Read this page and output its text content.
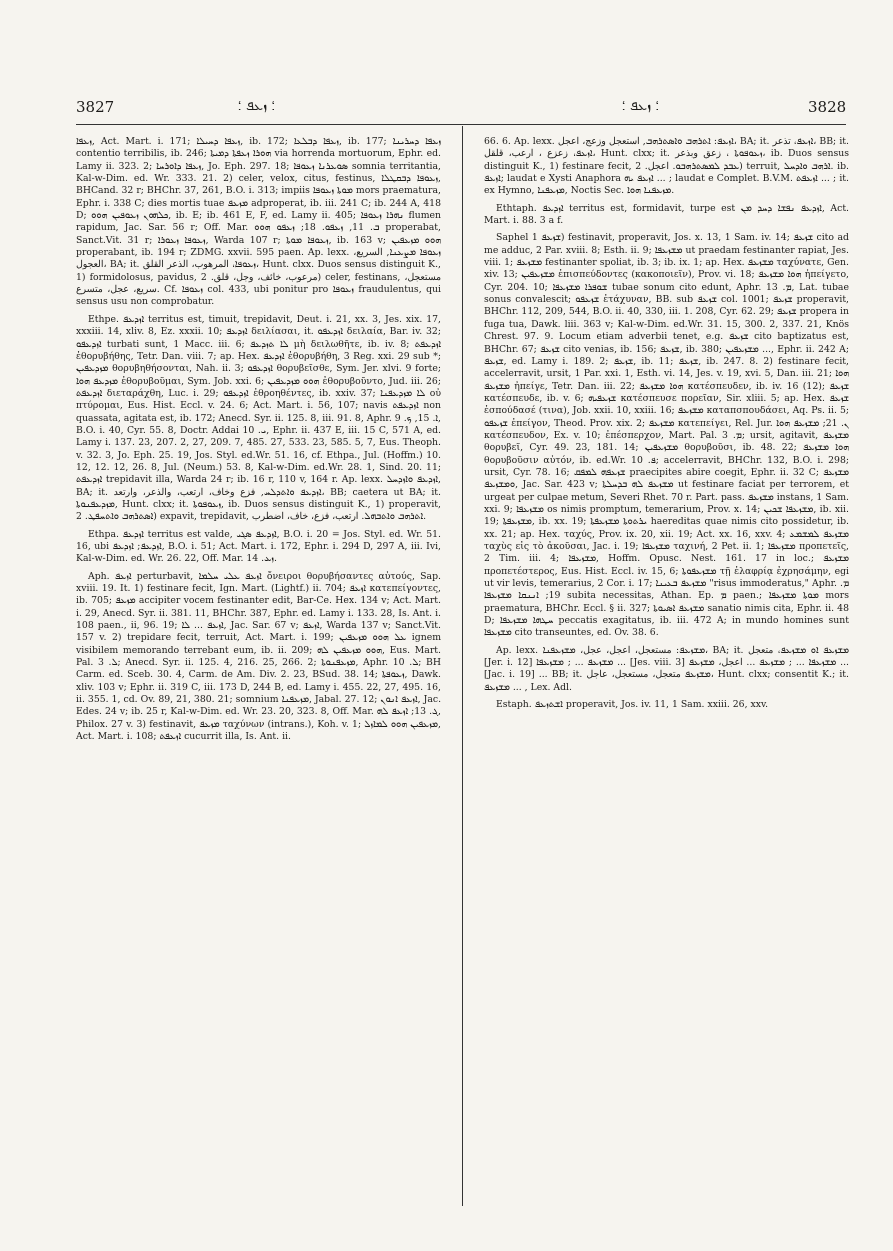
3827	؛ ܙܥܦ ؛	؛ ܙܥܦ ؛	3828

ܙܥܦܐ, Act. Mart. i. 171; ܙܥܦܐ ܕܚܝܠܐ, ib. 172; ܙܥܦܐ ܕܒܠܥܐ, ib. 177; ܙܥܦܐ ܕܚܪܝܢܐ contentio terribilis, ib. 246; ܗܘܪܐ ܙܥܦܬܐ ܕܡܝܬܐ via horrenda mortuorum, Ephr. ed. Lamy ii. 323. 2; ܙܥܦܐ ܕܐܘܪܚܐ, Jo. Eph. 297. 18; ܣܘܥܪܢܐ ܙܥܘܦܐ somnia territantia, Kal-w-Dim. ed. Wr. 333. 21. 2) celer, velox, citus, festinus, ܙܥܘܦܐ ܕܒܩܛܠܐ, BHCand. 32 r; BHChr. 37, 261, B.O. i. 313; impiis ܡܘܬܐ ܙܥܘܦܐ mors praematura, Ephr. i. 338 C; dies mortis tuae ܡܙܥܦ adproperat, ib. iii. 241 C; ib. 244 A, 418 D; ܟܠܗܘܢ ܙܥܘܦܝܢ ܗܘܘ, ib. E; ib. 461 E, F, ed. Lamy ii. 405; ܢܗܪܐ ܙܥܘܦܐ flumen rapidum, Jac. Sar. 56 r; Off. Mar. ܒ. 11, ܙܥܦܘ. 18; ܙܥܦܘ ܗܘܘ properabat, Sanct.Vit. 31 r; ܙܥܘܦܐ ܙܥܘܪܐ, Warda 107 r; ܙܥܘܦܐ ܡܘܬܐ, ib. 163 v; ܗܘܘ ܡܙܥܦܝܢ properabant, ib. 194 r; ZDMG. xxvii. 595 paen. Ap. lexx. ܙܥܘܦܐ ܡܨܥܢܐ, السريع، العجول، BA; it. ܙܥܘܦܐ، المرهوب، الذعر القلق، Hunt. clxx. Duos sensus distinguit K., 1) formidolosus, pavidus, مرعوب، خائف، وجل، قلق. 2) celer, festinans, مستعجل، سريع، عجل، متسرع. Cf. ܙܥܘܦܐ col. 433, ubi ponitur pro ܙܥܘܦܐ fraudulentus, qui sensus usu non comprobatur.

Ethpe. ܐܙܕܥܦ territus est, timuit, trepidavit, Deut. i. 21, xx. 3, Jes. xix. 17, xxxiii. 14, xliv. 8, Ez. xxxii. 10; ܐܙܕܥܦ δειλίασαι, it. ܐܙܕܥܦܘ δειλαία, Bar. iv. 32; ܐܙܕܥܦܘ turbati sunt, 1 Macc. iii. 6; ܠܐ ܬܙܕܥܦ μὴ δειλωθῆτε, ib. iv. 8; ܐܙܕܥܦܬ ἐθορυβήθης, Tetr. Dan. viii. 7; ap. Hex. ܐܙܕܥܦ ἐθορυβήθη, 3 Reg. xxi. 29 sub *; ܡܙܕܥܦܝܢ θορυβηθήσονται, Nah. ii. 3; ܐܙܕܥܦܘ θορυβεῖσθε, Sym. Jer. xlvi. 9 forte; ܡܙܕܥܦ ܗܘܐ ἐθορυβοῦμαι, Sym. Job. xxi. 6; ܗܘܘ ܡܙܕܥܦܝܢ ἐθορυβοῦντο, Jud. iii. 26; ܐܙܕܥܦܬ διεταράχθη, Luc. i. 29; ܐܙܕܥܦܘ ἐθροηθέντες, ib. xxiv. 37; ܠܐ ܡܙܕܥܦܢܐ οὐ πτύρομαι, Eus. Hist. Eccl. v. 24. 6; Act. Mart. i. 56, 107; navis ܐܙܕܥܦܬ non quassata, agitata est, ib. 172; Anecd. Syr. ii. 125. 8, iii. 91. 8, Aphr. ܐ. 15, ܟ. 9, B.O. i. 40, Cyr. 55. 8, Doctr. Addai ܝ. 10, Ephr. ii. 437 E, iii. 15 C, 571 A, ed. Lamy i. 137. 23, 207. 2, 27, 209. 7, 485. 27, 533. 23, 585. 5, 7, Eus. Theoph. v. 32. 3, Jo. Eph. 25. 19, Jos. Styl. ed.Wr. 51. 16, cf. Ethpa., Jul. (Hoffm.) 10. 12, 12. 12, 26. 8, Jul. (Neum.) 53. 8, Kal-w-Dim. ed.Wr. 28. 1, Sind. 20. 11; ܐܙܕܥܦܬ trepidavit illa, Warda 24 r; ib. 16 r, 110 v, 164 r. Ap. lexx. ܐܙܕܥܦ ܘܐܙܕܚܠ, BA; it. ܐܙܕܥܦ ܘܐܬܕܠܚ, فزع وخاف، ارتعب، والذعر، وارتعد، BB; caetera ut BA; it. ܡܙܕܥܦܢܘܬܐ, Hunt. clxx; it. ܙܥܘܦܘܬܐ, ib. Duos sensus distinguit K., 1) properavit, ܐܣܬܪܗܒ ܘܐܬܚܦܛ. 2) expavit, trepidavit, ܐܬܪܗܒ ܘܐܬܒܗܠ. ارتعب، فزع، خاف، اضطرب.

Ethpa. ܐܙܕܥܦ territus est valde, ܐܙܕܥܦ ܣܓܝ, B.O. i. 20 = Jos. Styl. ed. Wr. 51. 16, ubi ܐܙܕܥܦ; ܐܙܕܥܦ, B.O. i. 51; Act. Mart. i. 172, Ephr. i. 294 D, 297 A, iii. Ivi, Kal-w-Dim. ed. Wr. 26. 22, Off. Mar. ܙܥ. 14.

Aph. ܐܙܥܦ perturbavit, ܐܙܥܦ ܥܠܝ ܚܠܡܐ ὄνειροι θορυβήσαντες αὐτούς, Sap. xviii. 19. It. 1) festinare fecit, Ign. Mart. (Lightf.) ii. 704; ܐܙܥܦ κατεπείγοντες, ib. 705; ܡܙܥܦ accipiter vocem festinanter edit, Bar-Ce. Hex. 134 v; Act. Mart. i. 29, Anecd. Syr. ii. 381. 11, BHChr. 387, Ephr. ed. Lamy i. 133. 28, Is. Ant. i. 108 paen., ii, 96. 19; ܐܙܥܦ ... ܠܐ, Jac. Sar. 67 v; ܐܙܥܦ, Warda 137 v; Sanct.Vit. 157 v. 2) trepidare fecit, terruit, Act. Mart. i. 199; ܥܠ ܗܘܘ ܡܙܥܦܝܢ ignem visibilem memorando terrebant eum, ib. ii. 209; ܗܘܘ ܡܙܥܦܝܢ ܠܗ, Eus. Mart. Pal. ܠ. 3; Anecd. Syr. ii. 125. 4, 216. 25, 266. 2; ܡܙܥܦܢܘܬܐ, Aphr. ܠ. 10; BH Carm. ed. Sceb. 30. 4, Carm. de Am. Div. 2. 23, BSud. 38. 14; ܙܥܘܦܬܐ, Dawk. xliv. 103 v; Ephr. ii. 319 C, iii. 173 D, 244 B, ed. Lamy i. 455. 22, 27, 495. 16, ii. 355. 1, cd. Ov. 89, 21, 380. 21; somnium ܡܙܥܦܢܐ, Jabal. 27. 12; ܐܙܥܦ ܐܢܘܢ, Jac. Edes. 24 v; ib. 25 r, Kal-w-Dim. ed. Wr. 23. 20, 323. 8, Off. Mar. ܓ. 13; ܐܙܥܦ ܠܗ, Philox. 27 v. 3) festinavit, ܡܙܥܦ ταχύνων (intrans.), Koh. v. 1; ܡܙܥܦܝܢ ܗܘܘ ܠܡܐܙܠ, Act. Mart. i. 108; ܐܙܥܦܬ cucurrit illa, Is. Ant. ii.

66. 6. Ap. lexx. ܐܙܥܦ: ܐܬܪܗܒ ܘܐܣܬܪܗܒ, استعجل وزعج، اعجل، BA; it. ܐܙܥܦ، تذعر، BB; it. ܐܙܥܦ، زعزع ، ارعب، قلقل، Hunt. clxx; it. ܙܥܘܦܘܬܐ ، زعق وبذعر، ib. Duos sensus distinguit K., 1) festinare fecit, ܥܒܕ ܠܡܣܬܪܗܒܘ. اعجل. 2) terruit, ܐܪܗܒ ܘܐܕܚܠ. ib. ܐܙܥܦ; laudat e Xysti Anaphora ܐܙܥܦ ܝܗ ... ; laudat e Complet. B.V.M. ܐܙܥܦܬ ... ; it. ex Hymno, ܡܙܥܦܢܐ, Noctis Sec. ܡܙܥܦܢܐ ܗܘܐ.

Ethtaph. ܐܙܕܥܦ territus est, formidavit, turpe est ܐܙܕܥܦ ܢܦܫܐ ܕܚܕ ܡܢ, Act. Mart. i. 88. 3 a f.

Saphel ܫܙܥܦ 1) festinavit, properavit, Jos. x. 13, 1 Sam. iv. 14; ܫܙܥܦ cito ad me adduc, 2 Par. xviii. 8; Esth. ii. 9; ܡܫܙܥܦܐ ut praedam festinanter rapiat, Jes. viii. 1; ܡܫܙܥܦ festinanter spoliat, ib. 3; ib. ix. 1; ap. Hex. ܡܫܙܥܦ ταχύνατε, Gen. xiv. 13; ܡܫܙܥܦܝܢ ἐπισπεύδοντες (κακοποιεῖν), Prov. vi. 18; ܗܘܐ ܡܫܙܥܦ ἠπείγετο, Cyr. 204. 10; ܫܘܦܪܐ ܡܫܙܥܦܐ tubae sonum cito edunt, Aphr. ܡ. 13, Lat. tubae sonus convalescit; ܫܙܥܦܘ ἐτάχυναν, BB. sub ܫܙܥܦ col. 1001; ܫܙܥܦ properavit, BHChr. 112, 209, 544, B.O. ii. 40, 330, iii. 1. 208, Cyr. 62. 29; ܫܙܥܦ propera in fuga tua, Dawk. liii. 363 v; Kal-w-Dim. ed.Wr. 31. 15, 300. 2, 337. 21, Knös Chrest. 97. 9. Locum etiam adverbii tenet, e.g. ܫܙܥܦ cito baptizatus est, BHChr. 67; ܫܙܥܦ cito venias, ib. 156; ܫܙܥܦ, ib. 380; ܡܫܙܥܦܝܢ ..., Ephr. ii. 242 A; ܫܙܥܦ, ed. Lamy i. 189. 2; ܫܙܥܦ, ib. 11; ܫܙܥܦ, ib. 247. 8. 2) festinare fecit, accelerravit, ursit, 1 Par. xxi. 1, Esth. vi. 14, Jes. v. 19, xvi. 5, Dan. iii. 21; ܗܘܐ ܡܫܙܥܦ ἠπείγε, Tetr. Dan. iii. 22; ܗܘܐ ܡܫܙܥܦ κατέσπευδεν, ib. iv. 16 (12); ܫܙܥܦ κατέσπευδε, ib. v. 6; ܫܙܥܦܝܗ κατέσπευσε πορεῖαν, Sir. xliii. 5; ap. Hex. ܫܙܥܦ ἐσπούδασέ (τινα), Job. xxii. 10, xxiii. 16; ܡܫܙܥܦ καταπσπουδάσει, Aq. Ps. ii. 5; ܫܙܥܦܘ ἐπείγον, Theod. Prov. xix. 2; ܡܫܙܥܦ κατεπείγει, Rel. Jur. ܢ. 21; ܡܫܙܥܦ ܗܘܐ κατέσπευδον, Ex. v. 10; ἐπέσπερχον, Mart. Pal. ܡ. 3; ursit, agitavit, ܡܫܙܥܦ θορυβεῖ, Cyr. 49. 23, 181. 14; ܡܫܙܥܦܝܢ θορυβοῦσι, ib. 48. 22; ܗܘܐ ܡܫܙܥܦ θορυβοῦσιν αὐτόν, ib. ed.Wr. ܦ. 10; accelerravit, BHChr. 132, B.O. i. 298; ursit, Cyr. 78. 16; ܫܙܥܦܗ ܠܡܦܩ praecipites abire coegit, Ephr. ii. 32 C; ܡܫܙܥܦ ܘܡܫܙܥܦ, Jac. Sar. 423 v; ܡܫܙܥܦ ܠܗ ܒܕܚܠܬܐ ut festinare faciat per terrorem, et urgeat per culpae metum, Severi Rhet. 70 r. Part. pass. ܡܫܙܥܦ instans, 1 Sam. xxi. 9; ܡܫܙܥܦܐ os nimis promptum, temerarium, Prov. x. 14; ܡܫܙܥܦܐ ܫܟܝܢ, ib. xii. 19; ܡܫܙܥܦܬܐ, ib. xx. 19; ܝܪܬܘܬܐ ܡܫܙܥܦܬܐ haereditas quae nimis cito possidetur, ib. xx. 21; ap. Hex. ταχύς, Prov. ix. 20, xii. 19; Act. xx. 16, xxv. 4; ܡܫܙܥܦ ܠܡܫܡܥ ταχὺς εἰς τὸ ἀκοῦσαι, Jac. i. 19; ܡܫܙܥܦܐ ταχινή, 2 Pet. ii. 1; ܡܫܙܥܦܐ προπετεῖς, 2 Tim. iii. 4; ܡܫܙܥܦܐ, Hoffm. Opusc. Nest. 161. 17 in loc.; ܡܫܙܥܦ προπετέστερος, Eus. Hist. Eccl. iv. 15, 6; ܡܫܙܥܦܘܬܐ τῇ ἐλαφρίᾳ ἐχρησάμην, egi ut vir levis, temerarius, 2 Cor. i. 17; ܡܫܙܥܦ ܒܥܝܢܐ "risus immoderatus," Aphr. ܡ. 19; ܐܢܢܩܐ ܡܫܙܥܦܐ subita necessitas, Athan. Ep. ܡ paen.; ܡܘܬܐ ܡܫܙܥܦܐ mors praematura, BHChr. Eccl. § ii. 327; ܡܫܙܥܦ ܐܣܝܘܬܐ sanatio nimis cita, Ephr. ii. 48 D; ܚܛܗܐ ܡܫܙܥܦܐ peccatis exagitatus, ib. iii. 472 A; in mundo homines sunt ܡܫܙܥܦܐ cito transeuntes, ed. Ov. 38. 6.

Ap. lexx. ܡܫܙܥܦ: مستعجل، اعجل، عجل، ܡܫܙܥܦܢܐ، BA; it. ܡܫܙܥܦ ܐܘ ܡܫܙܥܦ، متعجل [Jer. i. 12] ܡܫܙܥܦ ... ; ܡܫܙܥܦܐ ... [Jes. viii. 3] ܡܫܙܥܦܐ ... ; ܡܫܙܥܦ ... اعجل، ܡܫܙܥܦ ... [Jac. i. 19] ... BB; it. ܡܫܙܥܦ متعجل، مستعجل، عاجل، Hunt. clxx; consentit K.; it. ܡܫܙܥܦ ... , Lex. Adl.

Estaph. ܐܫܬܙܥܦ properavit, Jos. iv. 11, 1 Sam. xxiii. 26, xxv.
